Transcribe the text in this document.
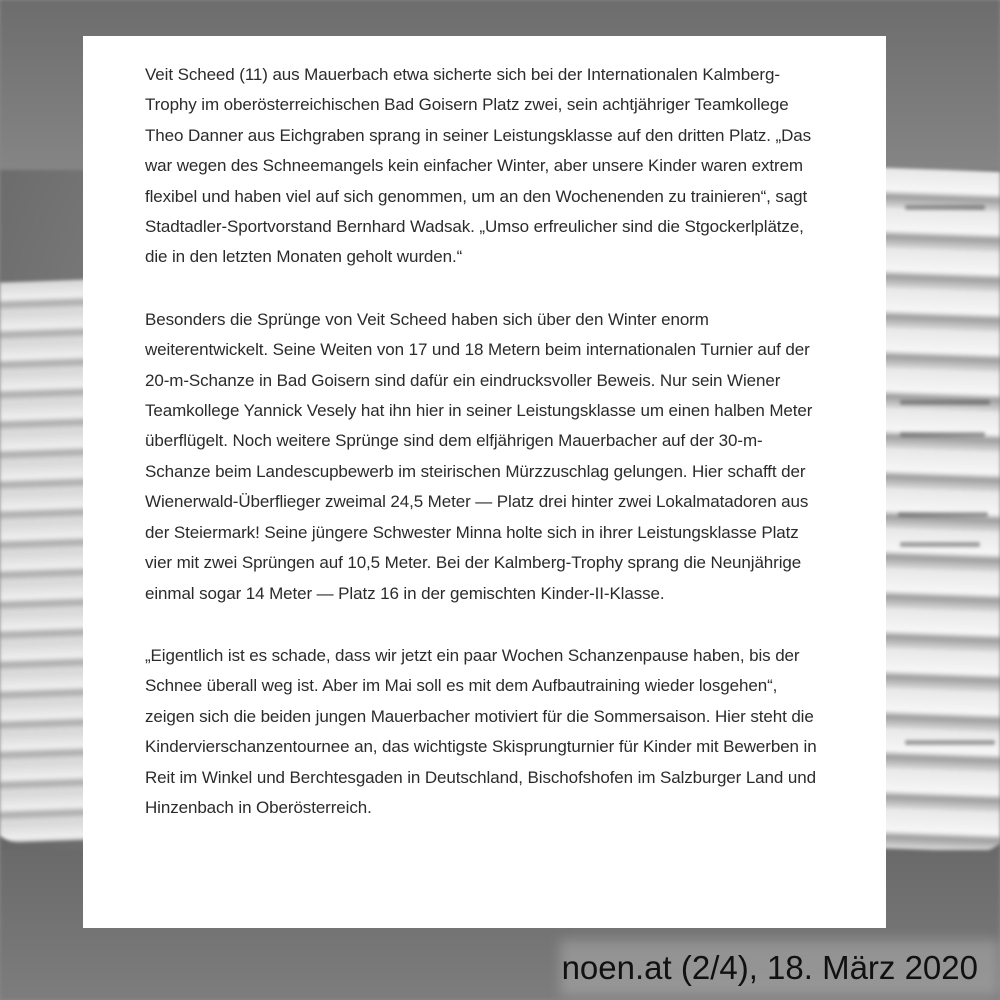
Veit Scheed (11) aus Mauerbach etwa sicherte sich bei der Internationalen Kalmberg-Trophy im oberösterreichischen Bad Goisern Platz zwei, sein achtjähriger Teamkollege Theo Danner aus Eichgraben sprang in seiner Leistungsklasse auf den dritten Platz. „Das war wegen des Schneemangels kein einfacher Winter, aber unsere Kinder waren extrem flexibel und haben viel auf sich genommen, um an den Wochenenden zu trainieren“, sagt Stadtadler-Sportvorstand Bernhard Wadsak. „Umso erfreulicher sind die Stgockerlplätze, die in den letzten Monaten geholt wurden.“

Besonders die Sprünge von Veit Scheed haben sich über den Winter enorm weiterentwickelt. Seine Weiten von 17 und 18 Metern beim internationalen Turnier auf der 20-m-Schanze in Bad Goisern sind dafür ein eindrucksvoller Beweis. Nur sein Wiener Teamkollege Yannick Vesely hat ihn hier in seiner Leistungsklasse um einen halben Meter überflügelt. Noch weitere Sprünge sind dem elfjährigen Mauerbacher auf der 30-m-Schanze beim Landescupbewerb im steirischen Mürzzuschlag gelungen. Hier schafft der Wienerwald-Überflieger zweimal 24,5 Meter — Platz drei hinter zwei Lokalmatadoren aus der Steiermark! Seine jüngere Schwester Minna holte sich in ihrer Leistungsklasse Platz vier mit zwei Sprüngen auf 10,5 Meter. Bei der Kalmberg-Trophy sprang die Neunjährige einmal sogar 14 Meter — Platz 16 in der gemischten Kinder-II-Klasse.

„Eigentlich ist es schade, dass wir jetzt ein paar Wochen Schanzenpause haben, bis der Schnee überall weg ist. Aber im Mai soll es mit dem Aufbautraining wieder losgehen“, zeigen sich die beiden jungen Mauerbacher motiviert für die Sommersaison. Hier steht die Kindervierschanzentournee an, das wichtigste Skisprungturnier für Kinder mit Bewerben in Reit im Winkel und Berchtesgaden in Deutschland, Bischofshofen im Salzburger Land und Hinzenbach in Oberösterreich.

noen.at (2/4), 18. März 2020
